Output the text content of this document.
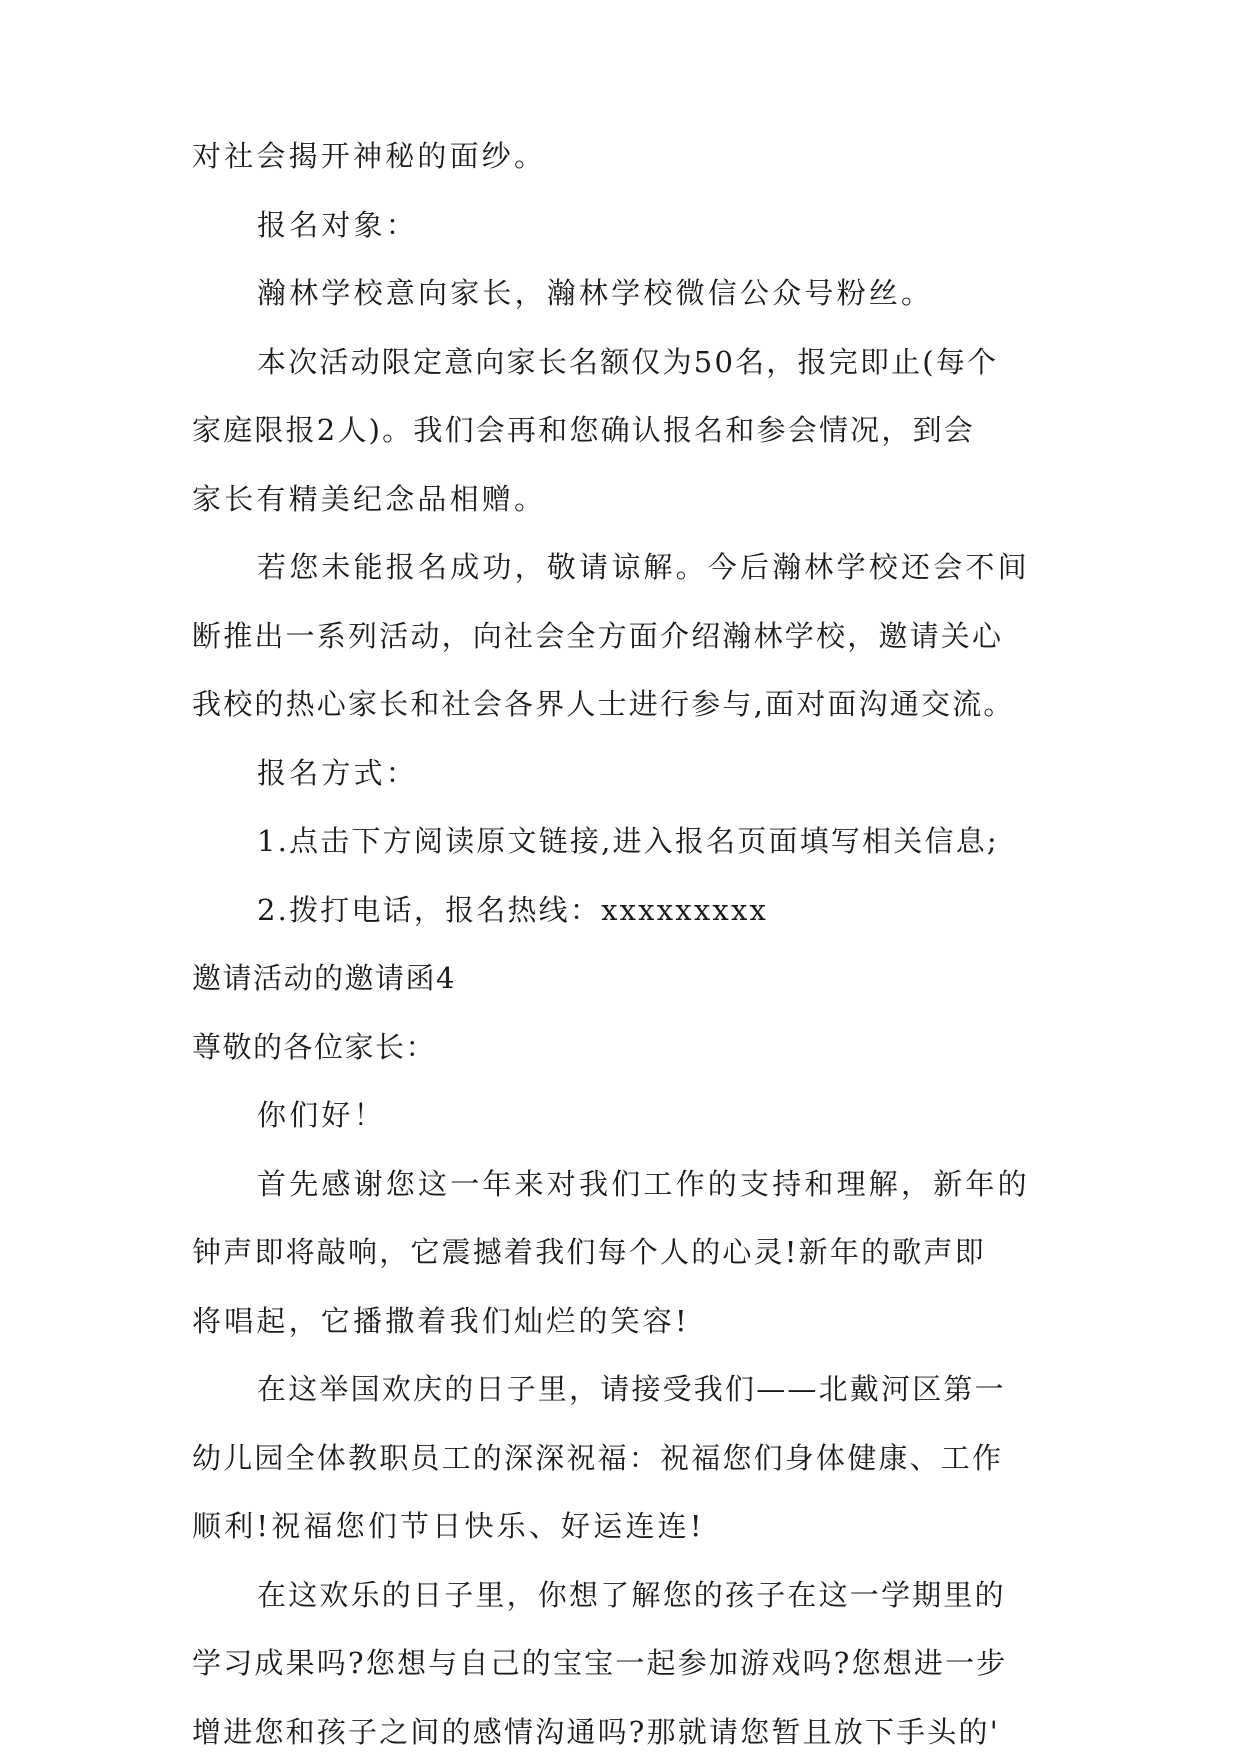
对社会揭开神秘的面纱。
报名对象：
瀚林学校意向家长，瀚林学校微信公众号粉丝。
本次活动限定意向家长名额仅为50名，报完即止(每个
家庭限报2人)。我们会再和您确认报名和参会情况，到会
家长有精美纪念品相赠。
若您未能报名成功，敬请谅解。今后瀚林学校还会不间
断推出一系列活动，向社会全方面介绍瀚林学校，邀请关心
我校的热心家长和社会各界人士进行参与,面对面沟通交流。
报名方式：
1.点击下方阅读原文链接,进入报名页面填写相关信息;
2.拨打电话，报名热线：xxxxxxxxx
邀请活动的邀请函4
尊敬的各位家长：
你们好！
首先感谢您这一年来对我们工作的支持和理解，新年的
钟声即将敲响，它震撼着我们每个人的心灵!新年的歌声即
将唱起，它播撒着我们灿烂的笑容!
在这举国欢庆的日子里，请接受我们——北戴河区第一
幼儿园全体教职员工的深深祝福：祝福您们身体健康、工作
顺利!祝福您们节日快乐、好运连连!
在这欢乐的日子里，你想了解您的孩子在这一学期里的
学习成果吗?您想与自己的宝宝一起参加游戏吗?您想进一步
增进您和孩子之间的感情沟通吗?那就请您暂且放下手头的'
